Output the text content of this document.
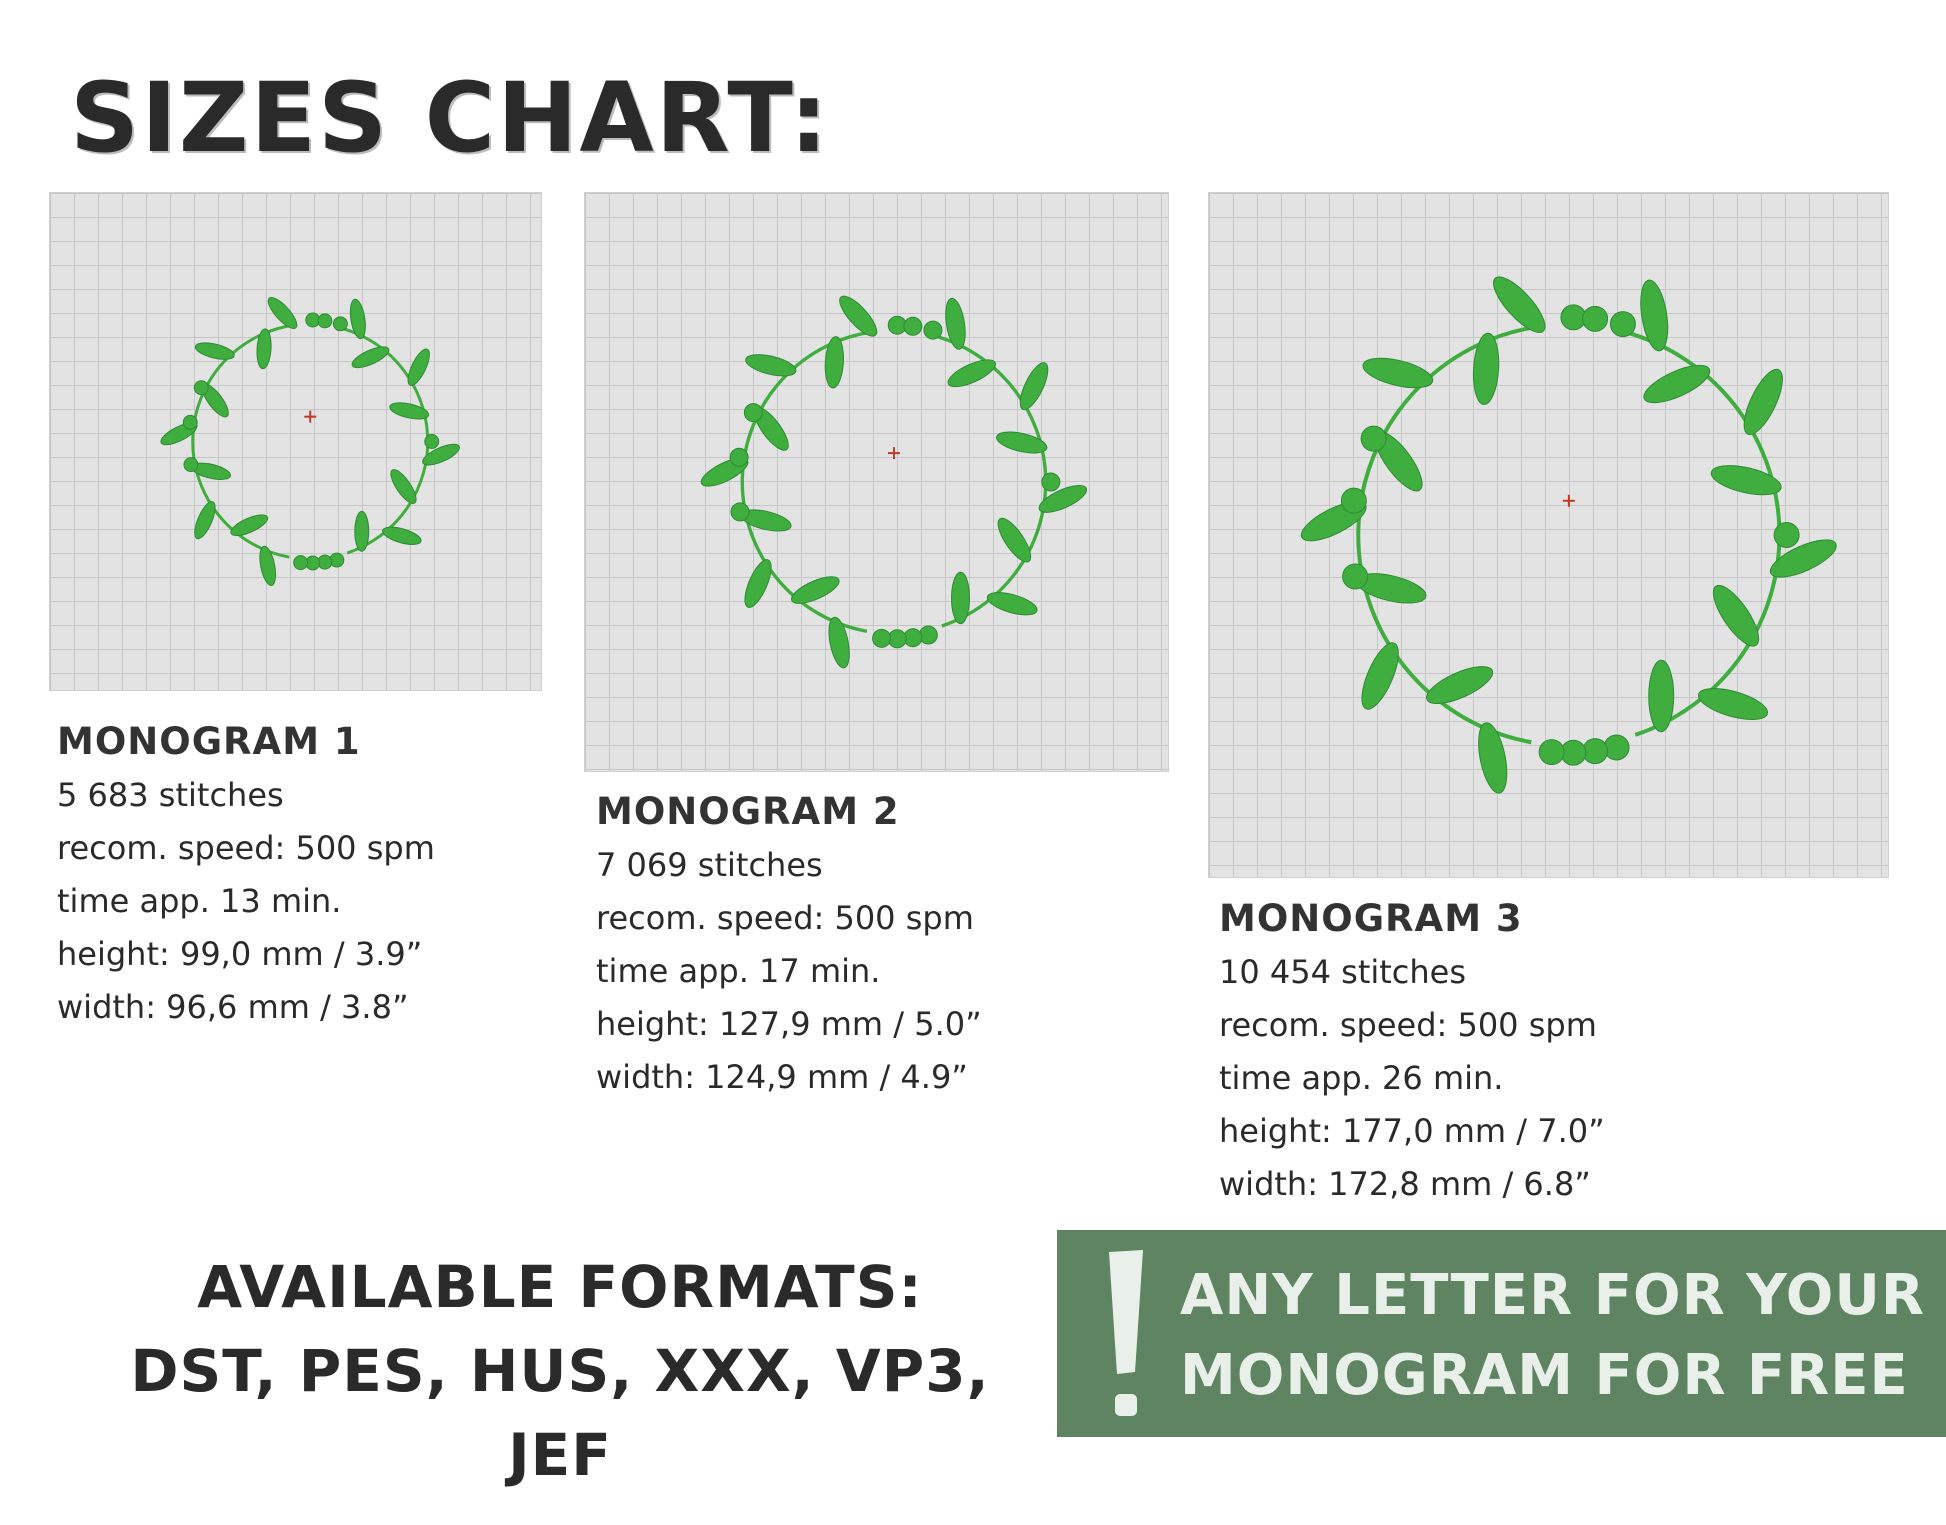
SIZES CHART:
MONOGRAM 1
5 683 stitches
recom. speed: 500 spm
time app. 13 min.
height: 99,0 mm / 3.9”
width: 96,6 mm / 3.8”
MONOGRAM 2
7 069 stitches
recom. speed: 500 spm
time app. 17 min.
height: 127,9 mm / 5.0”
width: 124,9 mm / 4.9”
MONOGRAM 3
10 454 stitches
recom. speed: 500 spm
time app. 26 min.
height: 177,0 mm / 7.0”
width: 172,8 mm / 6.8”
AVAILABLE FORMATS:
DST, PES, HUS, XXX, VP3, JEF
ANY LETTER FOR YOUR
MONOGRAM FOR FREE
